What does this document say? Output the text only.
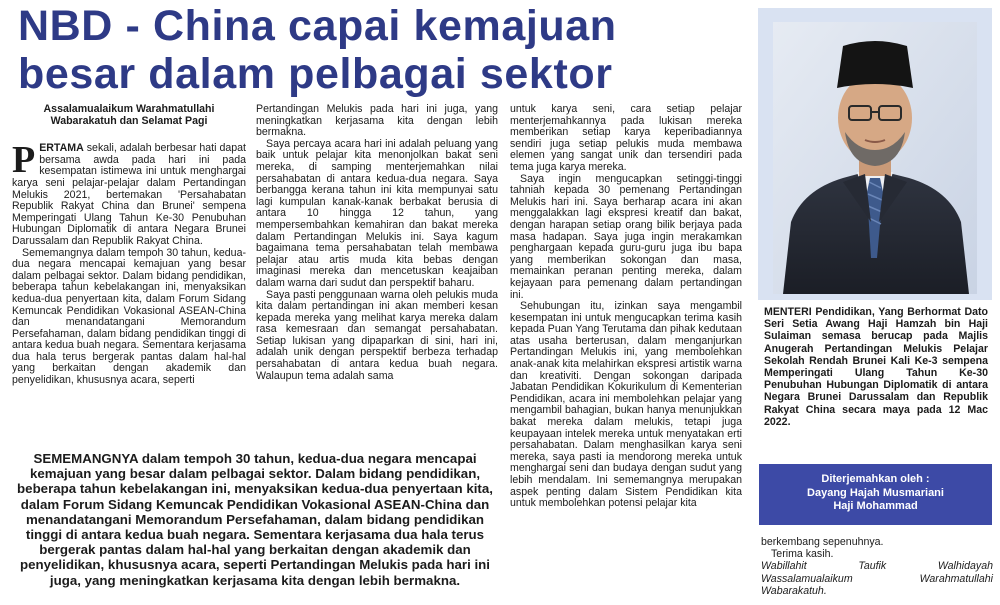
NBD - China capai kemajuan
besar dalam pelbagai sektor
Assalamualaikum Warahmatullahi
Wabarakatuh dan Selamat Pagi

PERTAMA sekali, adalah berbesar hati dapat bersama awda pada hari ini pada kesempatan istimewa ini untuk menghargai karya seni pelajar-pelajar dalam Pertandingan Melukis 2021, bertemakan 'Persahabatan Republik Rakyat China dan Brunei' sempena Memperingati Ulang Tahun Ke-30 Penubuhan Hubungan Diplomatik di antara Negara Brunei Darussalam dan Republik Rakyat China.

Sememangnya dalam tempoh 30 tahun, kedua-dua negara mencapai kemajuan yang besar dalam pelbagai sektor. Dalam bidang pendidikan, beberapa tahun kebelakangan ini, menyaksikan kedua-dua penyertaan kita, dalam Forum Sidang Kemuncak Pendidikan Vokasional ASEAN-China dan menandatangani Memorandum Persefahaman, dalam bidang pendidikan tinggi di antara kedua buah negara. Sementara kerjasama dua hala terus bergerak pantas dalam hal-hal yang berkaitan dengan akademik dan penyelidikan, khususnya acara, seperti

Pertandingan Melukis pada hari ini juga, yang meningkatkan kerjasama kita dengan lebih bermakna.

Saya percaya acara hari ini adalah peluang yang baik untuk pelajar kita menonjolkan bakat seni mereka, di samping menterjemahkan nilai persahabatan di antara kedua-dua negara. Saya berbangga kerana tahun ini kita mempunyai satu lagi kumpulan kanak-kanak berbakat berusia di antara 10 hingga 12 tahun, yang mempersembahkan kemahiran dan bakat mereka dalam Pertandingan Melukis ini. Saya kagum bagaimana tema persahabatan telah membawa pelajar atau artis muda kita bebas dengan imaginasi mereka dan mencetuskan keajaiban dalam warna dari sudut dan perspektif baharu.

Saya pasti penggunaan warna oleh pelukis muda kita dalam pertandingan ini akan memberi kesan kepada mereka yang melihat karya mereka dalam rasa kemesraan dan semangat persahabatan. Setiap lukisan yang dipaparkan di sini, hari ini, adalah unik dengan perspektif berbeza terhadap persahabatan di antara kedua buah negara. Walaupun tema adalah sama

untuk karya seni, cara setiap pelajar menterjemahkannya pada lukisan mereka memberikan setiap karya keperibadiannya sendiri juga setiap pelukis muda membawa elemen yang sangat unik dan tersendiri pada tema juga karya mereka.

Saya ingin mengucapkan setinggi-tinggi tahniah kepada 30 pemenang Pertandingan Melukis hari ini. Saya berharap acara ini akan menggalakkan lagi ekspresi kreatif dan bakat, dengan harapan setiap orang bilik berjaya pada masa hadapan. Saya juga ingin merakamkan penghargaan kepada guru-guru juga ibu bapa yang memberikan sokongan dan masa, memainkan peranan penting mereka, dalam kejayaan para pemenang dalam pertandingan ini.

Sehubungan itu, izinkan saya mengambil kesempatan ini untuk mengucapkan terima kasih kepada Puan Yang Terutama dan pihak kedutaan atas usaha berterusan, dalam menganjurkan Pertandingan Melukis ini, yang membolehkan anak-anak kita melahirkan ekspresi artistik warna dan kreativiti. Dengan sokongan daripada Jabatan Pendidikan Kokurikulum di Kementerian Pendidikan, acara ini membolehkan pelajar yang mengambil bahagian, bukan hanya menunjukkan bakat mereka dalam melukis, tetapi juga keupayaan intelek mereka untuk menyatakan erti persahabatan. Dalam menghasilkan karya seni mereka, saya pasti ia mendorong mereka untuk menghargai seni dan budaya dengan sudut yang lebih mendalam. Ini sememangnya merupakan aspek penting dalam Sistem Pendidikan kita untuk membolehkan potensi pelajar kita

SEMEMANGNYA dalam tempoh 30 tahun, kedua-dua negara mencapai kemajuan yang besar dalam pelbagai sektor. Dalam bidang pendidikan, beberapa tahun kebelakangan ini, menyaksikan kedua-dua penyertaan kita, dalam Forum Sidang Kemuncak Pendidikan Vokasional ASEAN-China dan menandatangani Memorandum Persefahaman, dalam bidang pendidikan tinggi di antara kedua buah negara. Sementara kerjasama dua hala terus bergerak pantas dalam hal-hal yang berkaitan dengan akademik dan penyelidikan, khususnya acara, seperti Pertandingan Melukis pada hari ini juga, yang meningkatkan kerjasama kita dengan lebih bermakna.
MENTERI Pendidikan, Yang Berhormat Dato Seri Setia Awang Haji Hamzah bin Haji Sulaiman semasa berucap pada Majlis Anugerah Pertandingan Melukis Pelajar Sekolah Rendah Brunei Kali Ke-3 sempena Memperingati Ulang Tahun Ke-30 Penubuhan Hubungan Diplomatik di antara Negara Brunei Darussalam dan Republik Rakyat China secara maya pada 12 Mac 2022.
Diterjemahkan oleh :
Dayang Hajah Musmariani
Haji Mohammad
berkembang sepenuhnya.
Terima kasih.
Wabillahit	Taufik	Walhidayah
Wassalamualaikum	Warahmatullahi
Wabarakatuh.
